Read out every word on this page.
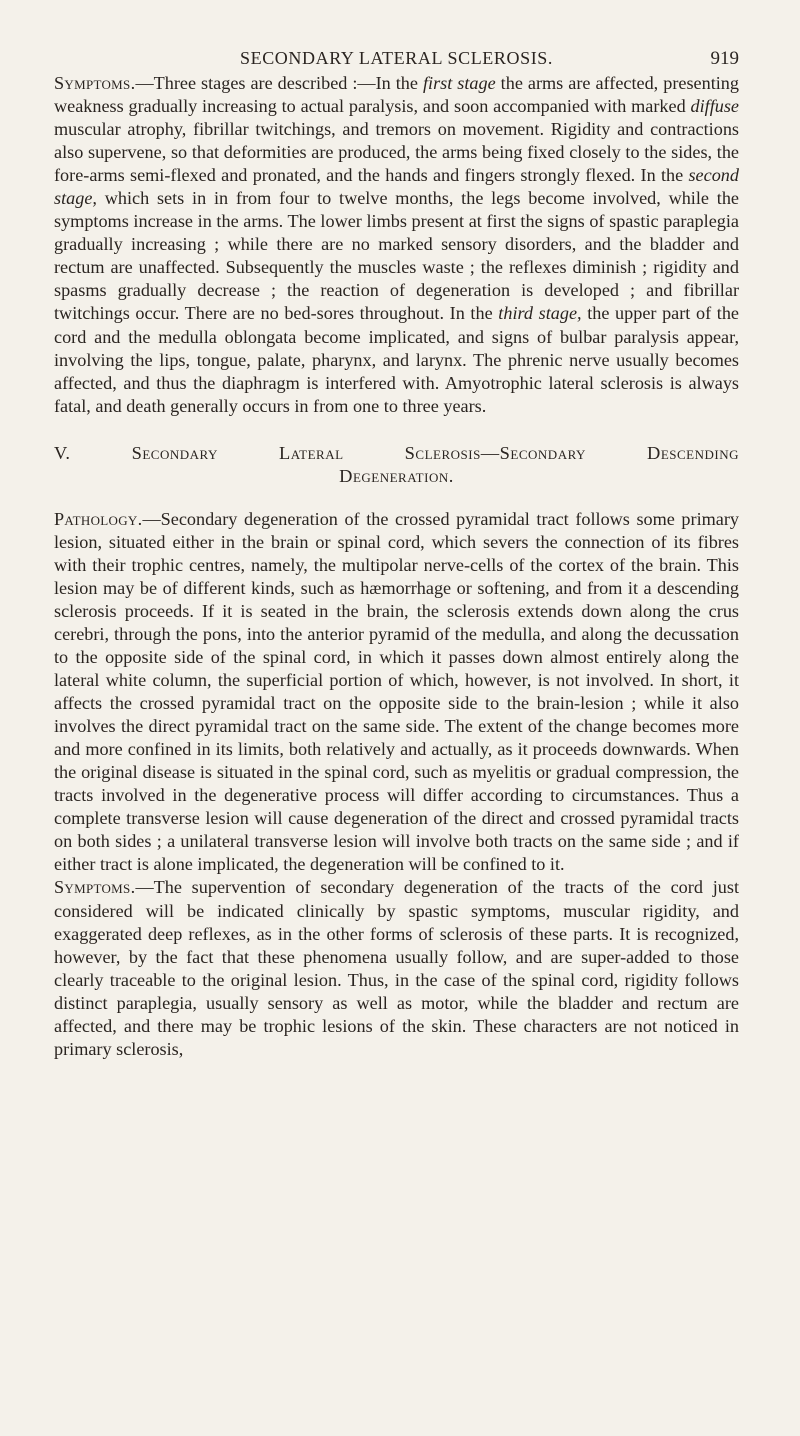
SECONDARY LATERAL SCLEROSIS.	919

Symptoms.—Three stages are described :—In the first stage the arms are affected, presenting weakness gradually increasing to actual paralysis, and soon accompanied with marked diffuse muscular atrophy, fibrillar twitchings, and tremors on movement. Rigidity and contractions also supervene, so that deformities are produced, the arms being fixed closely to the sides, the fore-arms semi-flexed and pronated, and the hands and fingers strongly flexed. In the second stage, which sets in in from four to twelve months, the legs become involved, while the symptoms increase in the arms. The lower limbs present at first the signs of spastic paraplegia gradually increasing ; while there are no marked sensory disorders, and the bladder and rectum are unaffected. Subsequently the muscles waste ; the reflexes diminish ; rigidity and spasms gradually decrease ; the reaction of degeneration is developed ; and fibrillar twitchings occur. There are no bed-sores throughout. In the third stage, the upper part of the cord and the medulla oblongata become implicated, and signs of bulbar paralysis appear, involving the lips, tongue, palate, pharynx, and larynx. The phrenic nerve usually becomes affected, and thus the diaphragm is interfered with. Amyotrophic lateral sclerosis is always fatal, and death generally occurs in from one to three years.

V. Secondary Lateral Sclerosis—Secondary Descending
Degeneration.

Pathology.—Secondary degeneration of the crossed pyramidal tract follows some primary lesion, situated either in the brain or spinal cord, which severs the connection of its fibres with their trophic centres, namely, the multipolar nerve-cells of the cortex of the brain. This lesion may be of different kinds, such as hæmorrhage or softening, and from it a descending sclerosis proceeds. If it is seated in the brain, the sclerosis extends down along the crus cerebri, through the pons, into the anterior pyramid of the medulla, and along the decussation to the opposite side of the spinal cord, in which it passes down almost entirely along the lateral white column, the superficial portion of which, however, is not involved. In short, it affects the crossed pyramidal tract on the opposite side to the brain-lesion ; while it also involves the direct pyramidal tract on the same side. The extent of the change becomes more and more confined in its limits, both relatively and actually, as it proceeds downwards. When the original disease is situated in the spinal cord, such as myelitis or gradual compression, the tracts involved in the degenerative process will differ according to circumstances. Thus a complete transverse lesion will cause degeneration of the direct and crossed pyramidal tracts on both sides ; a unilateral transverse lesion will involve both tracts on the same side ; and if either tract is alone implicated, the degeneration will be confined to it.

Symptoms.—The supervention of secondary degeneration of the tracts of the cord just considered will be indicated clinically by spastic symptoms, muscular rigidity, and exaggerated deep reflexes, as in the other forms of sclerosis of these parts. It is recognized, however, by the fact that these phenomena usually follow, and are super-added to those clearly traceable to the original lesion. Thus, in the case of the spinal cord, rigidity follows distinct paraplegia, usually sensory as well as motor, while the bladder and rectum are affected, and there may be trophic lesions of the skin. These characters are not noticed in primary sclerosis,
